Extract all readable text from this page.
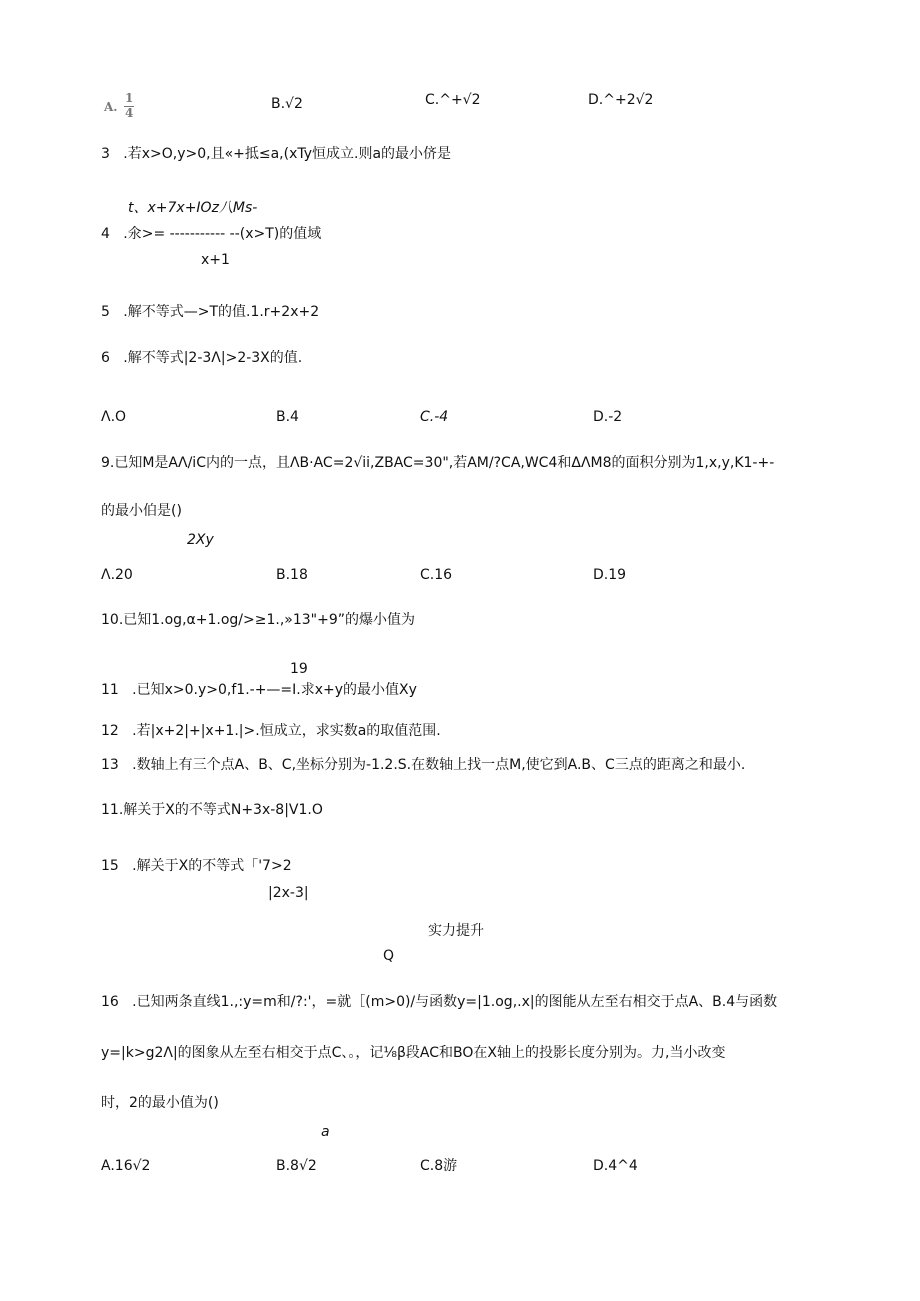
A.
1
4
B.√2	C.^+√2	D.^+2√2
3   .若x>O,y>0,且«+抵≤a,(xTy恒成立.则a的最小侪是
t、x+7x+IOz八Ms-
4   .氽>= ----------- --(x>T)的值域
x+1
5   .解不等式—>T的值.1.r+2x+2
6   .解不等式|2-3Λ|>2-3X的值.
Λ.O	B.4	C.-4	D.-2
9.已知M是AΛ/iC内的一点，且ΛB·AC=2√ii,ZBAC=30",若AM/?CA,WC4和ΔΛM8的面积分别为1,x,y,K1-+-
的最小伯是()
2Xy
Λ.20	B.18	C.16	D.19
10.已知1.og,α+1.og/>≥1.,»13"+9”的爆小值为
19
11   .已知x>0.y>0,f1.-+—=I.求x+y的最小值Xy
12   .若|x+2|+|x+1.|>.恒成立，求实数a的取值范围.
13   .数轴上有三个点A、B、C,坐标分别为-1.2.S.在数轴上找一点M,使它到A.B、C三点的距离之和最小.
11.解关于X的不等式N+3x-8|V1.O
15   .解关于X的不等式「'7>2
|2x-3|
实力提升
Q
16   .已知两条直线1.,:y=m和/?:'，=就［(m>0)/与函数y=|1.og,.x|的图能从左至右相交于点A、B.4与函数
y=|k>g2Λ|的图象从左至右相交于点C、。，记⅛β段AC和BO在X轴上的投影长度分别为。力,当小改变
时，2的最小值为()
a
A.16√2	B.8√2	C.8游	D.4^4
